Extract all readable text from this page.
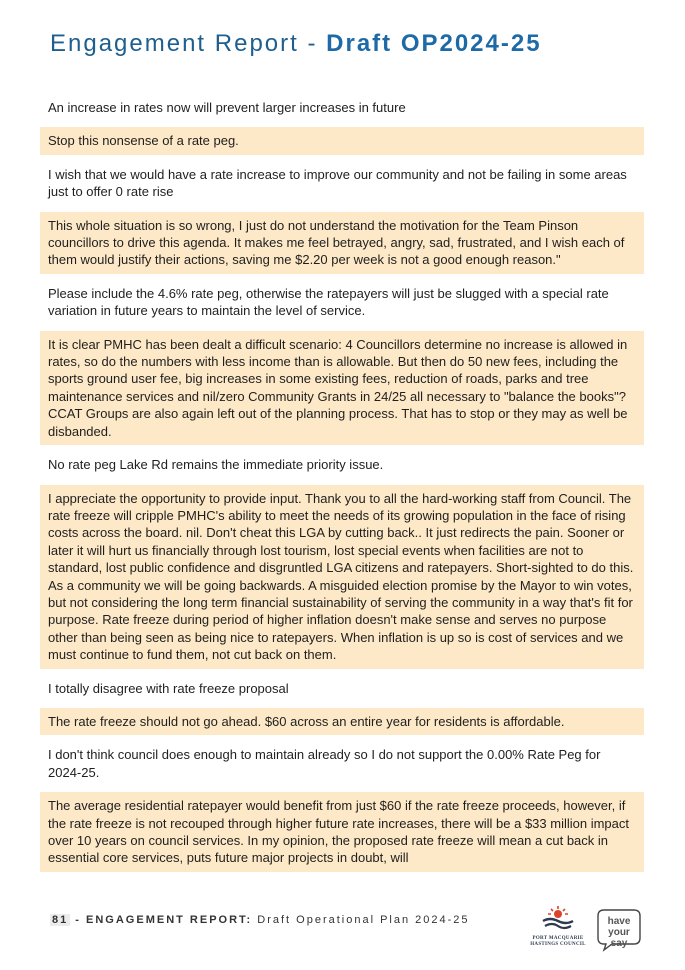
Engagement Report - Draft OP2024-25
An increase in rates now will prevent larger increases in future
Stop this nonsense of a rate peg.
I wish that we would have a rate increase to improve our community and not be failing in some areas just to offer 0 rate rise
This whole situation is so wrong, I just do not understand the motivation for the Team Pinson councillors to drive this agenda. It makes me feel betrayed, angry, sad, frustrated, and I wish each of them would justify their actions, saving me $2.20 per week is not a good enough reason."
Please include the 4.6% rate peg, otherwise the ratepayers will just be slugged with a special rate variation in future years to maintain the level of service.
It is clear PMHC has been dealt a difficult scenario: 4 Councillors determine no increase is allowed in rates, so do the numbers with less income than is allowable. But then do 50 new fees, including the sports ground user fee, big increases in some existing fees, reduction of roads, parks and tree maintenance services and nil/zero Community Grants in 24/25 all necessary to "balance the books"? CCAT Groups are also again left out of the planning process. That has to stop or they may as well be disbanded.
No rate peg Lake Rd remains the immediate priority issue.
I appreciate the opportunity to provide input. Thank you to all the hard-working staff from Council. The rate freeze will cripple PMHC's ability to meet the needs of its growing population in the face of rising costs across the board. nil. Don't cheat this LGA by cutting back.. It just redirects the pain. Sooner or later it will hurt us financially through lost tourism, lost special events when facilities are not to standard, lost public confidence and disgruntled LGA citizens and ratepayers. Short-sighted to do this. As a community we will be going backwards. A misguided election promise by the Mayor to win votes, but not considering the long term financial sustainability of serving the community in a way that's fit for purpose. Rate freeze during period of higher inflation doesn't make sense and serves no purpose other than being seen as being nice to ratepayers. When inflation is up so is cost of services and we must continue to fund them, not cut back on them.
I totally disagree with rate freeze proposal
The rate freeze should not go ahead. $60 across an entire year for residents is affordable.
I don't think council does enough to maintain already so I do not support the 0.00% Rate Peg for 2024-25.
The average residential ratepayer would benefit from just $60 if the rate freeze proceeds, however, if the rate freeze is not recouped through higher future rate increases, there will be a $33 million impact over 10 years on council services. In my opinion, the proposed rate freeze will mean a cut back in essential core services, puts future major projects in doubt, will
81 - ENGAGEMENT REPORT: Draft Operational Plan 2024-25
PORT MACQUARIE
HASTINGS COUNCIL
have
your say
